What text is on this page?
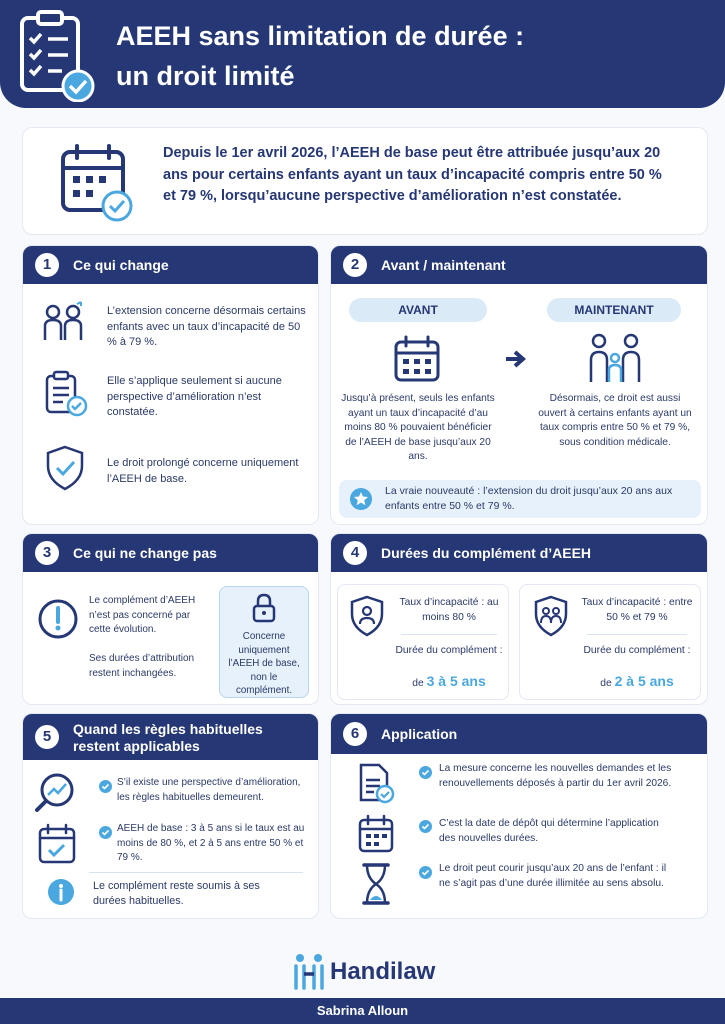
AEEH sans limitation de durée :
un droit limité

Depuis le 1er avril 2026, l’AEEH de base peut être attribuée jusqu’aux 20 ans pour certains enfants ayant un taux d’incapacité compris entre 50 % et 79 %, lorsqu’aucune perspective d’amélioration n’est constatée.

1	Ce qui change
L’extension concerne désormais certains enfants avec un taux d’incapacité de 50 % à 79 %.
Elle s’applique seulement si aucune perspective d’amélioration n’est constatée.
Le droit prolongé concerne uniquement l’AEEH de base.
2	Avant / maintenant
AVANT
Jusqu’à présent, seuls les enfants ayant un taux d’incapacité d’au moins 80 % pouvaient bénéficier de l’AEEH de base jusqu’aux 20 ans.
MAINTENANT
Désormais, ce droit est aussi ouvert à certains enfants ayant un taux compris entre 50 % et 79 %, sous condition médicale.
La vraie nouveauté : l’extension du droit jusqu’aux 20 ans aux enfants entre 50 % et 79 %.
3	Ce qui ne change pas
Le complément d’AEEH n’est pas concerné par cette évolution.
Ses durées d’attribution restent inchangées.
Concerne uniquement l’AEEH de base, non le complément.
4	Durées du complément d’AEEH
Taux d’incapacité : au moins 80 %
Durée du complément :
de 3 à 5 ans
Taux d’incapacité : entre 50 % et 79 %
Durée du complément :
de 2 à 5 ans
5	Quand les règles habituelles
restent applicables
S’il existe une perspective d’amélioration, les règles habituelles demeurent.
AEEH de base : 3 à 5 ans si le taux est au moins de 80 %, et 2 à 5 ans entre 50 % et 79 %.
Le complément reste soumis à ses durées habituelles.
6	Application
La mesure concerne les nouvelles demandes et les renouvellements déposés à partir du 1er avril 2026.
C’est la date de dépôt qui détermine l’application des nouvelles durées.
Le droit peut courir jusqu’aux 20 ans de l’enfant : il ne s’agit pas d’une durée illimitée au sens absolu.
Handilaw
Sabrina Alloun
